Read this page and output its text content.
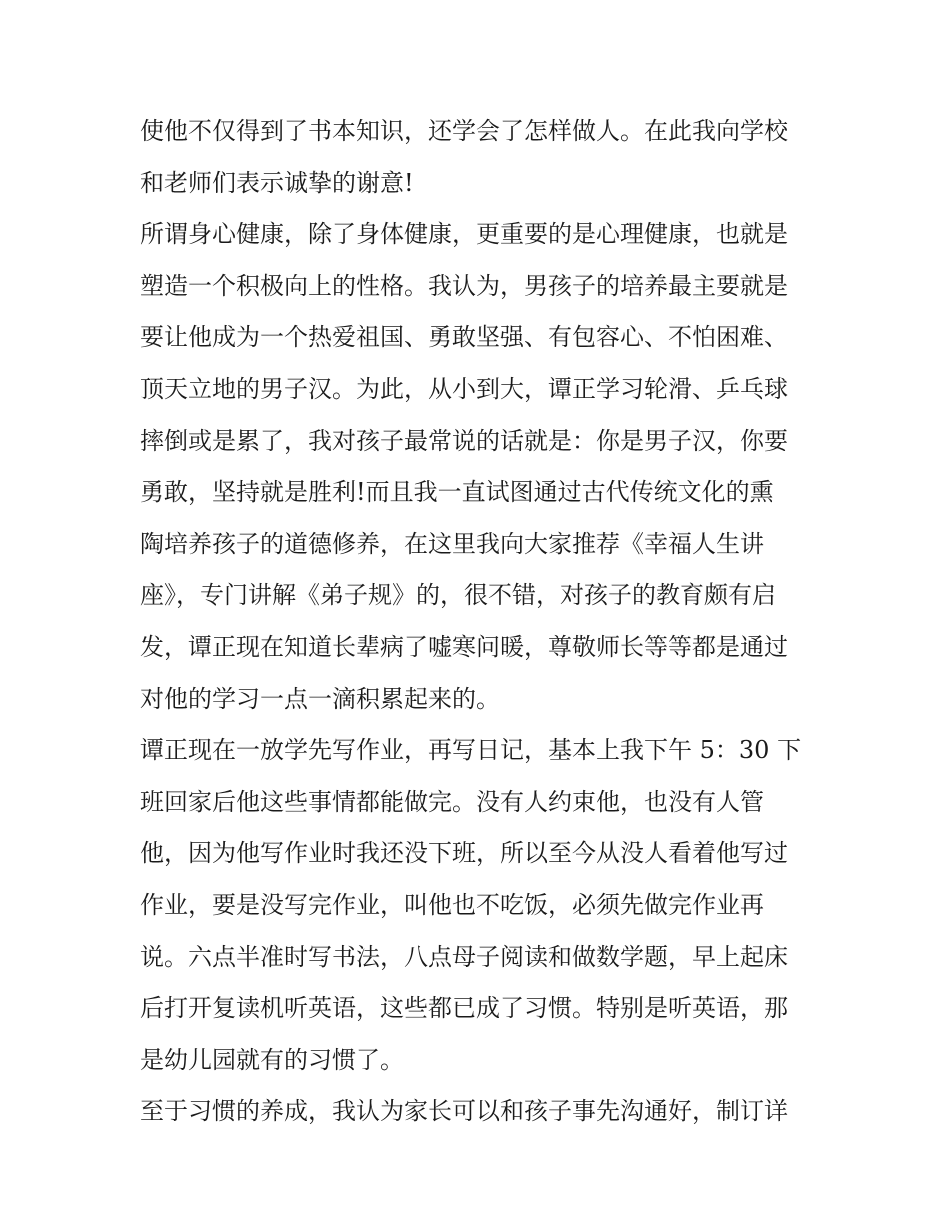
使他不仅得到了书本知识，还学会了怎样做人。在此我向学校
和老师们表示诚挚的谢意!
所谓身心健康，除了身体健康，更重要的是心理健康，也就是
塑造一个积极向上的性格。我认为，男孩子的培养最主要就是
要让他成为一个热爱祖国、勇敢坚强、有包容心、不怕困难、
顶天立地的男子汉。为此，从小到大，谭正学习轮滑、乒乓球
摔倒或是累了，我对孩子最常说的话就是：你是男子汉，你要
勇敢，坚持就是胜利!而且我一直试图通过古代传统文化的熏
陶培养孩子的道德修养，在这里我向大家推荐《幸福人生讲
座》，专门讲解《弟子规》的，很不错，对孩子的教育颇有启
发，谭正现在知道长辈病了嘘寒问暖，尊敬师长等等都是通过
对他的学习一点一滴积累起来的。
谭正现在一放学先写作业，再写日记，基本上我下午 5：30 下
班回家后他这些事情都能做完。没有人约束他，也没有人管
他，因为他写作业时我还没下班，所以至今从没人看着他写过
作业，要是没写完作业，叫他也不吃饭，必须先做完作业再
说。六点半准时写书法，八点母子阅读和做数学题，早上起床
后打开复读机听英语，这些都已成了习惯。特别是听英语，那
是幼儿园就有的习惯了。
至于习惯的养成，我认为家长可以和孩子事先沟通好，制订详
